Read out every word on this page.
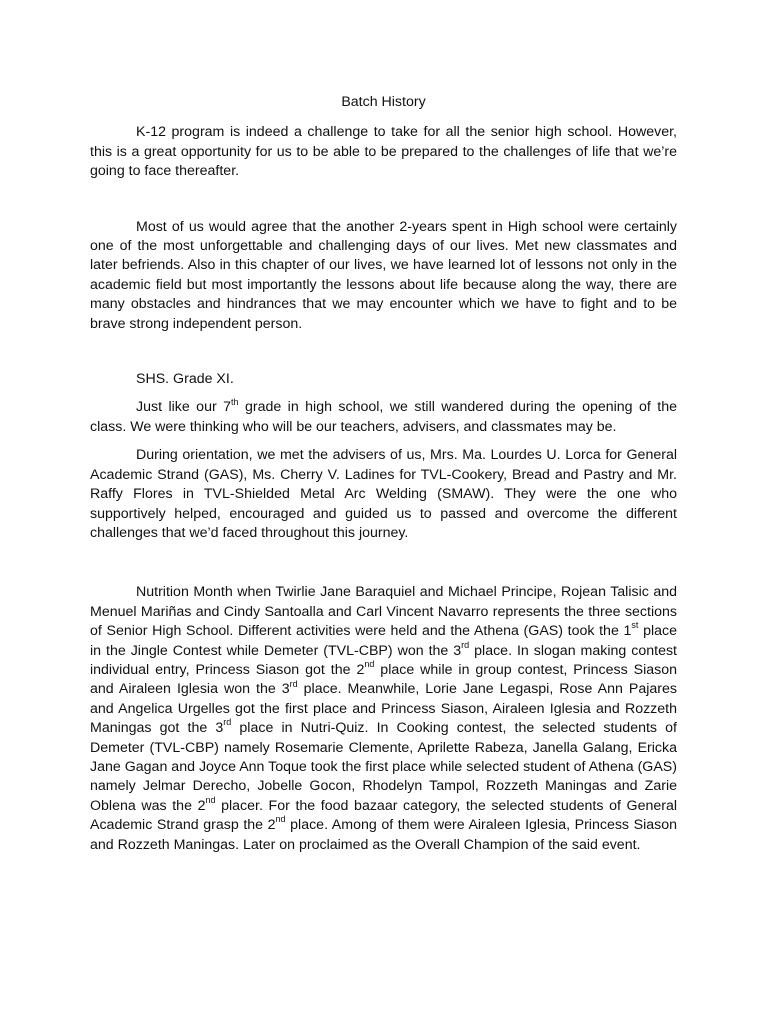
Batch History

K-12 program is indeed a challenge to take for all the senior high school. However, this is a great opportunity for us to be able to be prepared to the challenges of life that we’re going to face thereafter.

Most of us would agree that the another 2-years spent in High school were certainly one of the most unforgettable and challenging days of our lives. Met new classmates and later befriends. Also in this chapter of our lives, we have learned lot of lessons not only in the academic field but most importantly the lessons about life because along the way, there are many obstacles and hindrances that we may encounter which we have to fight and to be brave strong independent person.

SHS. Grade XI.

Just like our 7th grade in high school, we still wandered during the opening of the class. We were thinking who will be our teachers, advisers, and classmates may be.

During orientation, we met the advisers of us, Mrs. Ma. Lourdes U. Lorca for General Academic Strand (GAS), Ms. Cherry V. Ladines for TVL-Cookery, Bread and Pastry and Mr. Raffy Flores in TVL-Shielded Metal Arc Welding (SMAW). They were the one who supportively helped, encouraged and guided us to passed and overcome the different challenges that we’d faced throughout this journey.

Nutrition Month when Twirlie Jane Baraquiel and Michael Principe, Rojean Talisic and Menuel Mariñas and Cindy Santoalla and Carl Vincent Navarro represents the three sections of Senior High School. Different activities were held and the Athena (GAS) took the 1st place in the Jingle Contest while Demeter (TVL-CBP) won the 3rd place. In slogan making contest individual entry, Princess Siason got the 2nd place while in group contest, Princess Siason and Airaleen Iglesia won the 3rd place. Meanwhile, Lorie Jane Legaspi, Rose Ann Pajares and Angelica Urgelles got the first place and Princess Siason, Airaleen Iglesia and Rozzeth Maningas got the 3rd place in Nutri-Quiz. In Cooking contest, the selected students of Demeter (TVL-CBP) namely Rosemarie Clemente, Aprilette Rabeza, Janella Galang, Ericka Jane Gagan and Joyce Ann Toque took the first place while selected student of Athena (GAS) namely Jelmar Derecho, Jobelle Gocon, Rhodelyn Tampol, Rozzeth Maningas and Zarie Oblena was the 2nd placer. For the food bazaar category, the selected students of General Academic Strand grasp the 2nd place. Among of them were Airaleen Iglesia, Princess Siason and Rozzeth Maningas. Later on proclaimed as the Overall Champion of the said event.
